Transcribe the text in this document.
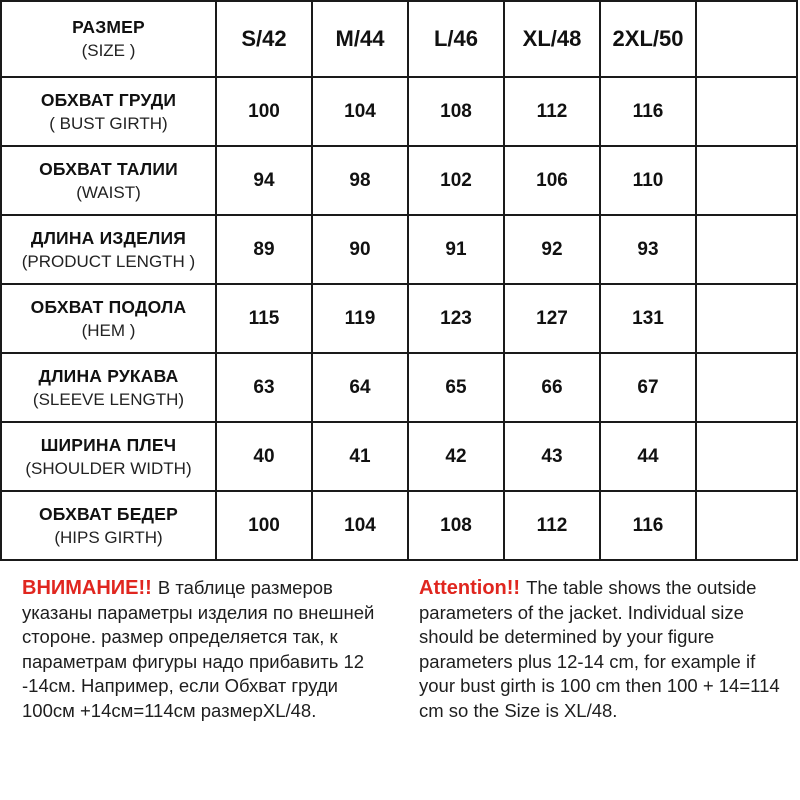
РАЗМЕР
(SIZE )	S/42	M/44	L/46	XL/48	2XL/50	

ОБХВАТ ГРУДИ
( BUST GIRTH)	100	104	108	112	116	

ОБХВАТ ТАЛИИ
(WAIST)	94	98	102	106	110	

ДЛИНА ИЗДЕЛИЯ
(PRODUCT LENGTH )	89	90	91	92	93	

ОБХВАТ ПОДОЛА
(HEM )	115	119	123	127	131	

ДЛИНА РУКАВА
(SLEEVE LENGTH)	63	64	65	66	67	

ШИРИНА ПЛЕЧ
(SHOULDER WIDTH)	40	41	42	43	44	

ОБХВАТ БЕДЕР
(HIPS GIRTH)	100	104	108	112	116	
ВНИМАНИЕ!! В таблице размеров указаны параметры изделия по внешней стороне. размер определяется так, к параметрам фигуры надо прибавить 12 -14см. Например, если Обхват груди 100см +14см=114см размерXL/48.
Attention!! The table shows the outside parameters of the jacket. Individual size should be determined by your figure parameters plus 12-14 cm, for example if your bust girth is 100 cm then 100 + 14=114 cm so the Size is XL/48.
